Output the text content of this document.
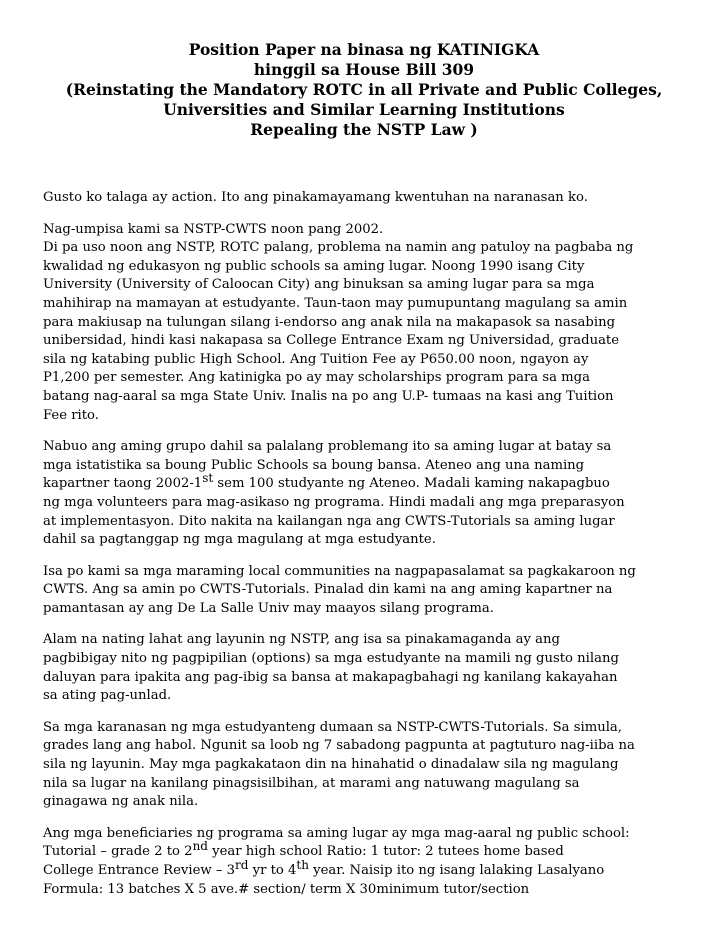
Position Paper na binasa ng KATINIGKA
hinggil sa House Bill 309
(Reinstating the Mandatory ROTC in all Private and Public Colleges,
Universities and Similar Learning Institutions
Repealing the NSTP Law )
Gusto ko talaga ay action. Ito ang pinakamayamang kwentuhan na naranasan ko.
Nag-umpisa kami sa NSTP-CWTS noon pang 2002.
Di pa uso noon ang NSTP, ROTC palang, problema na namin ang patuloy na pagbaba ng
kwalidad ng edukasyon ng public schools sa aming lugar. Noong 1990 isang City
University (University of Caloocan City) ang binuksan sa aming lugar para sa mga
mahihirap na mamayan at estudyante. Taun-taon may pumupuntang magulang sa amin
para makiusap na tulungan silang i-endorso ang anak nila na makapasok sa nasabing
unibersidad, hindi kasi nakapasa sa College Entrance Exam ng Universidad, graduate
sila ng katabing public High School. Ang Tuition Fee ay P650.00 noon, ngayon ay
P1,200 per semester. Ang katinigka po ay may scholarships program para sa mga
batang nag-aaral sa mga State Univ. Inalis na po ang U.P- tumaas na kasi ang Tuition
Fee rito.
Nabuo ang aming grupo dahil sa palalang problemang ito sa aming lugar at batay sa
mga istatistika sa boung Public Schools sa boung bansa. Ateneo ang una naming
kapartner taong 2002-1st sem 100 studyante ng Ateneo. Madali kaming nakapagbuo
ng mga volunteers para mag-asikaso ng programa. Hindi madali ang mga preparasyon
at implementasyon. Dito nakita na kailangan nga ang CWTS-Tutorials sa aming lugar
dahil sa pagtanggap ng mga magulang at mga estudyante.
Isa po kami sa mga maraming local communities na nagpapasalamat sa pagkakaroon ng
CWTS. Ang sa amin po CWTS-Tutorials. Pinalad din kami na ang aming kapartner na
pamantasan ay ang De La Salle Univ may maayos silang programa.
Alam na nating lahat ang layunin ng NSTP, ang isa sa pinakamaganda ay ang
pagbibigay nito ng pagpipilian (options) sa mga estudyante na mamili ng gusto nilang
daluyan para ipakita ang pag-ibig sa bansa at makapagbahagi ng kanilang kakayahan
sa ating pag-unlad.
Sa mga karanasan ng mga estudyanteng dumaan sa NSTP-CWTS-Tutorials. Sa simula,
grades lang ang habol. Ngunit sa loob ng 7 sabadong pagpunta at pagtuturo nag-iiba na
sila ng layunin. May mga pagkakataon din na hinahatid o dinadalaw sila ng magulang
nila sa lugar na kanilang pinagsisilbihan, at marami ang natuwang magulang sa
ginagawa ng anak nila.
Ang mga beneficiaries ng programa sa aming lugar ay mga mag-aaral ng public school:
Tutorial – grade 2 to 2nd year high school Ratio: 1 tutor: 2 tutees home based
College Entrance Review – 3rd yr to 4th year. Naisip ito ng isang lalaking Lasalyano
Formula: 13 batches X 5 ave.# section/ term X 30minimum tutor/section
